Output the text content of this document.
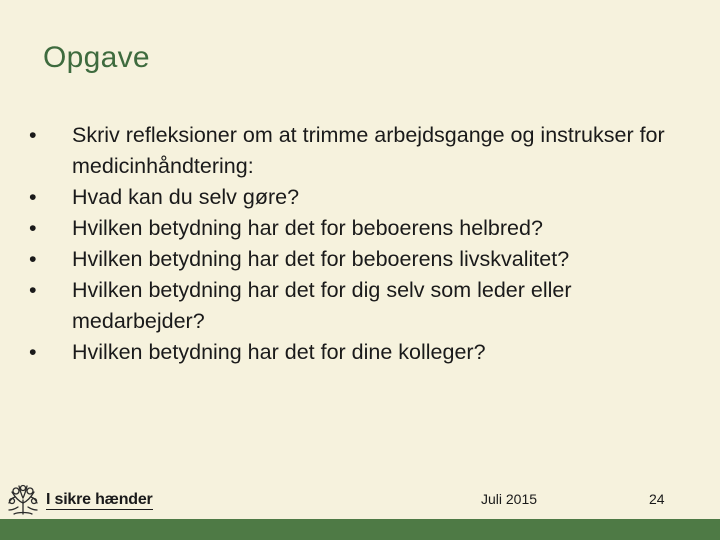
Opgave
• Skriv refleksioner om at trimme arbejdsgange og instrukser for medicinhåndtering:
• Hvad kan du selv gøre?
• Hvilken betydning har det for beboerens helbred?
• Hvilken betydning har det for beboerens livskvalitet?
• Hvilken betydning har det for dig selv som leder eller medarbejder?
• Hvilken betydning har det for dine kolleger?
I sikre hænder	Juli 2015	24
